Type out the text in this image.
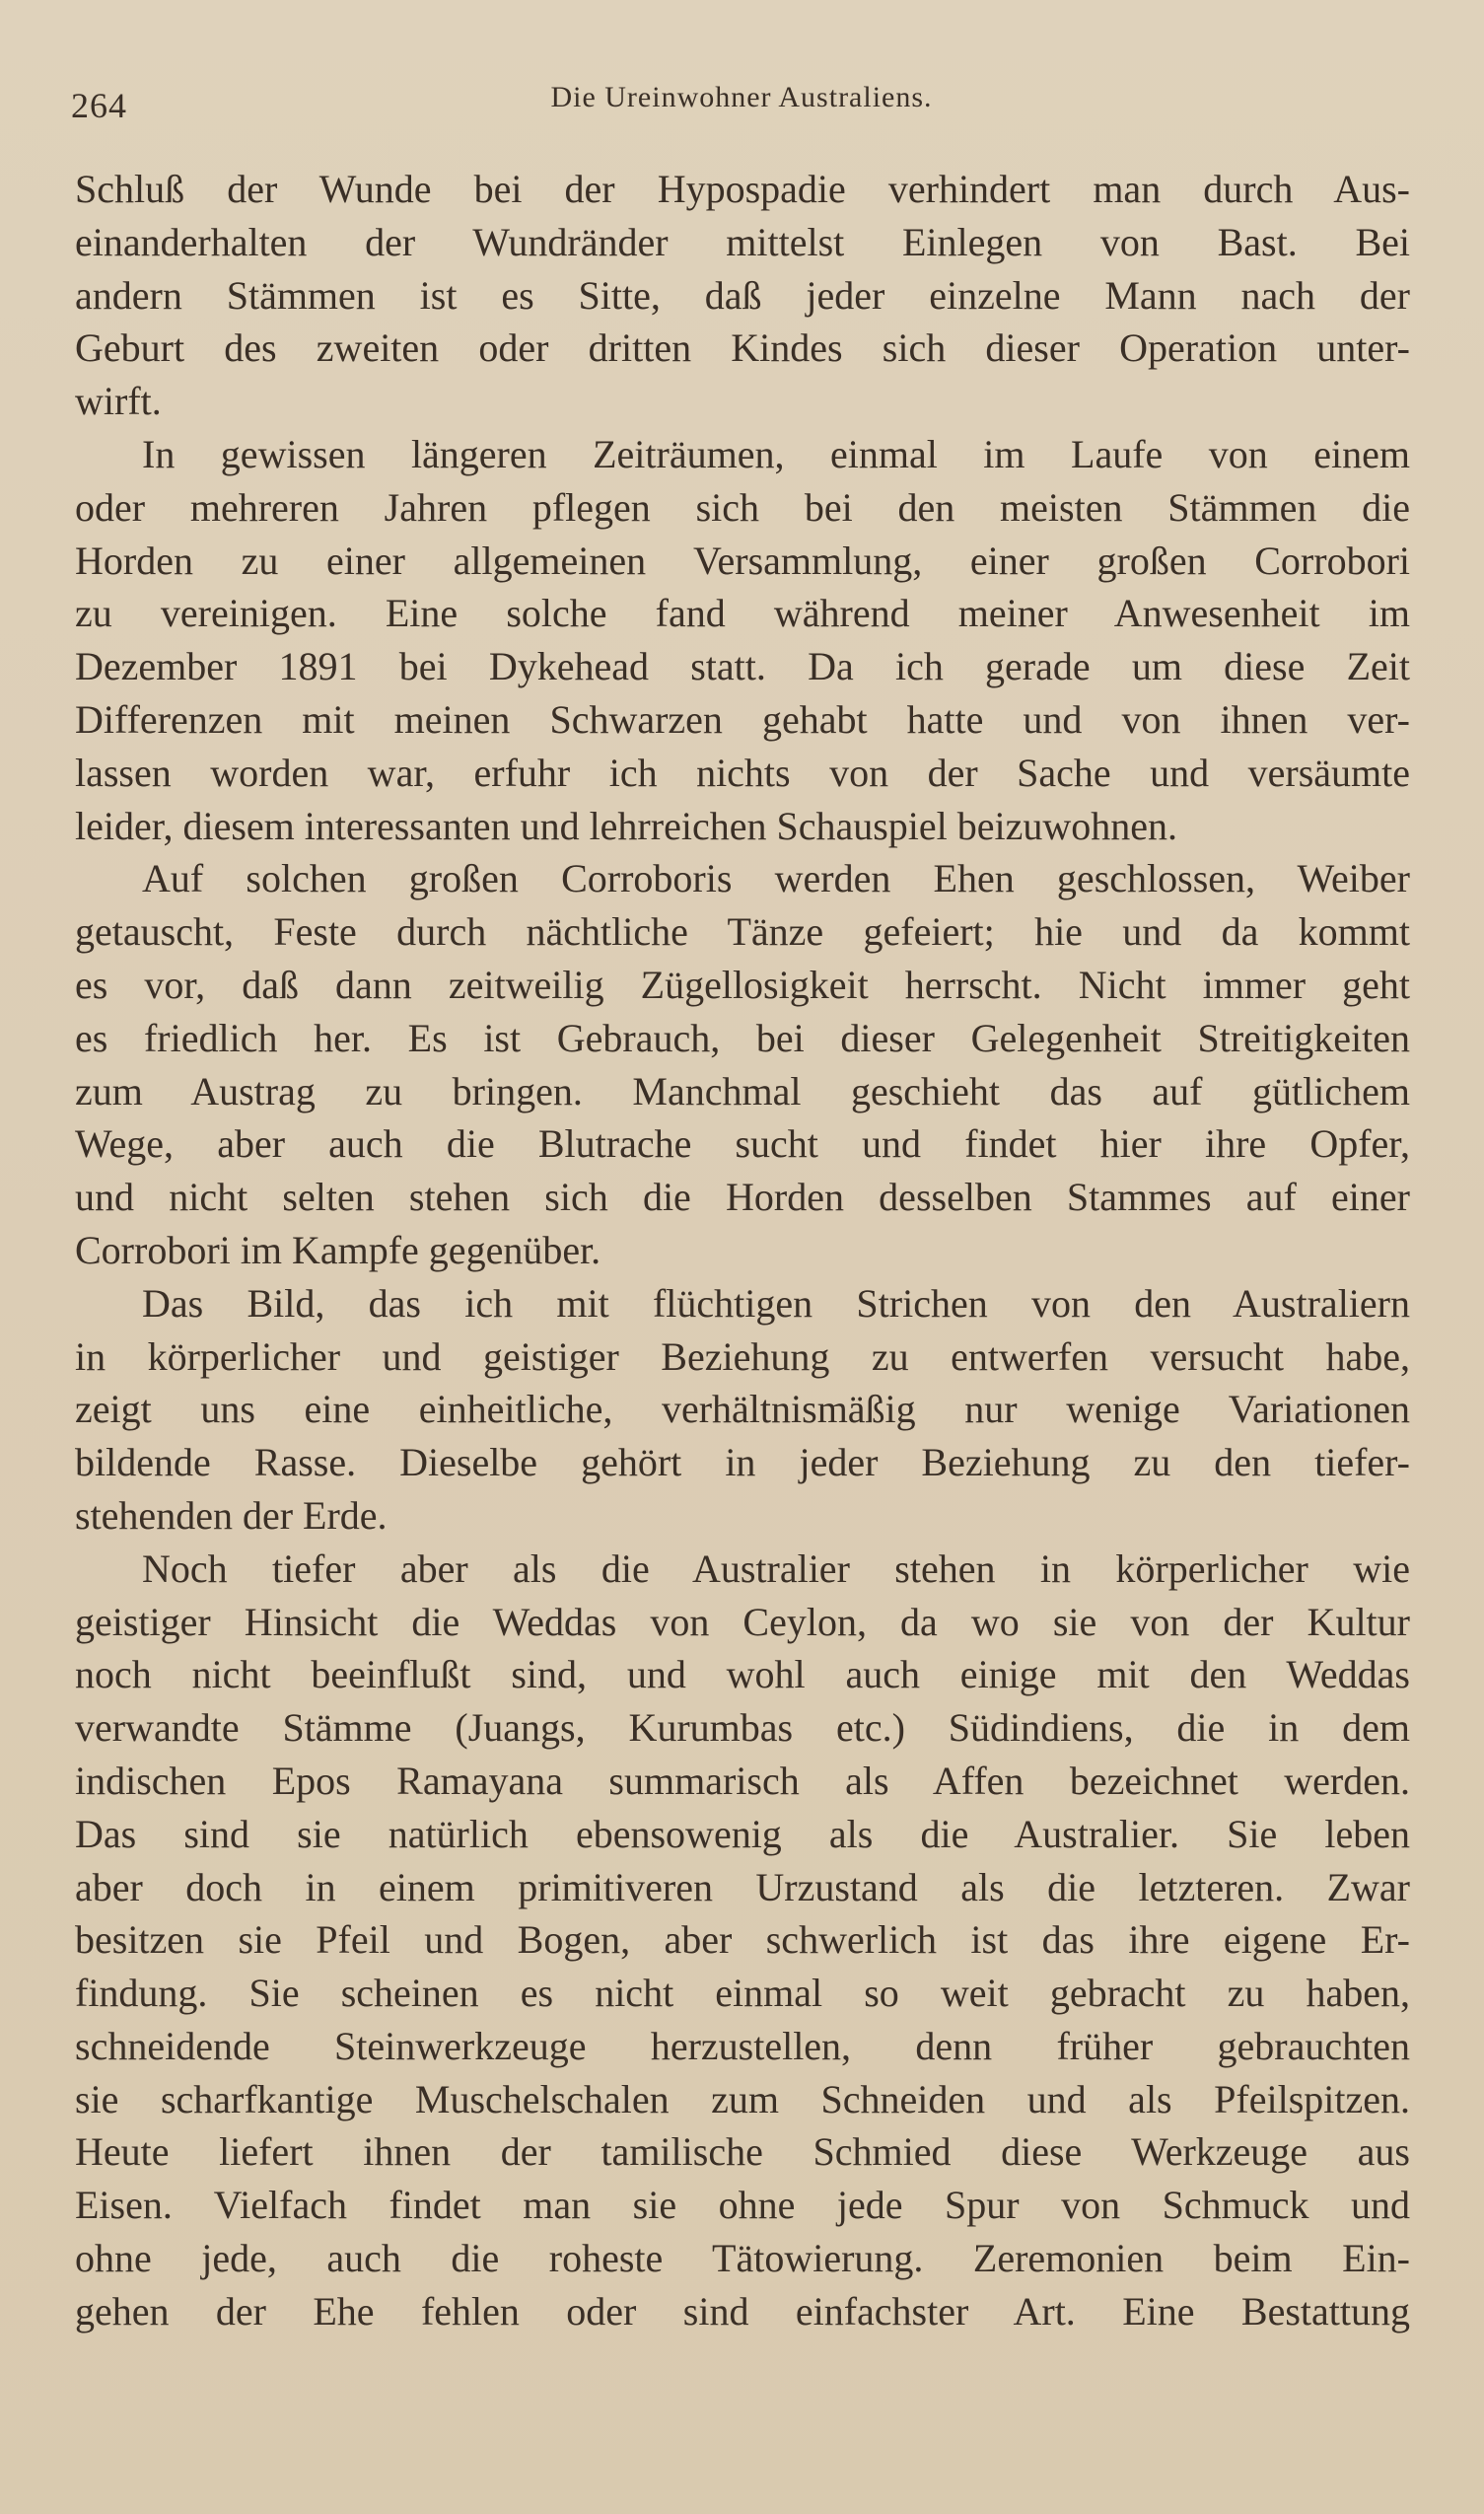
264	Die Ureinwohner Australiens.
Schluß der Wunde bei der Hypospadie verhindert man durch Aus-
einanderhalten der Wundränder mittelst Einlegen von Bast. Bei
andern Stämmen ist es Sitte, daß jeder einzelne Mann nach der
Geburt des zweiten oder dritten Kindes sich dieser Operation unter-
wirft.
In gewissen längeren Zeiträumen, einmal im Laufe von einem
oder mehreren Jahren pflegen sich bei den meisten Stämmen die
Horden zu einer allgemeinen Versammlung, einer großen Corrobori
zu vereinigen. Eine solche fand während meiner Anwesenheit im
Dezember 1891 bei Dykehead statt. Da ich gerade um diese Zeit
Differenzen mit meinen Schwarzen gehabt hatte und von ihnen ver-
lassen worden war, erfuhr ich nichts von der Sache und versäumte
leider, diesem interessanten und lehrreichen Schauspiel beizuwohnen.
Auf solchen großen Corroboris werden Ehen geschlossen, Weiber
getauscht, Feste durch nächtliche Tänze gefeiert; hie und da kommt
es vor, daß dann zeitweilig Zügellosigkeit herrscht. Nicht immer geht
es friedlich her. Es ist Gebrauch, bei dieser Gelegenheit Streitigkeiten
zum Austrag zu bringen. Manchmal geschieht das auf gütlichem
Wege, aber auch die Blutrache sucht und findet hier ihre Opfer,
und nicht selten stehen sich die Horden desselben Stammes auf einer
Corrobori im Kampfe gegenüber.
Das Bild, das ich mit flüchtigen Strichen von den Australiern
in körperlicher und geistiger Beziehung zu entwerfen versucht habe,
zeigt uns eine einheitliche, verhältnismäßig nur wenige Variationen
bildende Rasse. Dieselbe gehört in jeder Beziehung zu den tiefer-
stehenden der Erde.
Noch tiefer aber als die Australier stehen in körperlicher wie
geistiger Hinsicht die Weddas von Ceylon, da wo sie von der Kultur
noch nicht beeinflußt sind, und wohl auch einige mit den Weddas
verwandte Stämme (Juangs, Kurumbas etc.) Südindiens, die in dem
indischen Epos Ramayana summarisch als Affen bezeichnet werden.
Das sind sie natürlich ebensowenig als die Australier. Sie leben
aber doch in einem primitiveren Urzustand als die letzteren. Zwar
besitzen sie Pfeil und Bogen, aber schwerlich ist das ihre eigene Er-
findung. Sie scheinen es nicht einmal so weit gebracht zu haben,
schneidende Steinwerkzeuge herzustellen, denn früher gebrauchten
sie scharfkantige Muschelschalen zum Schneiden und als Pfeilspitzen.
Heute liefert ihnen der tamilische Schmied diese Werkzeuge aus
Eisen. Vielfach findet man sie ohne jede Spur von Schmuck und
ohne jede, auch die roheste Tätowierung. Zeremonien beim Ein-
gehen der Ehe fehlen oder sind einfachster Art. Eine Bestattung
